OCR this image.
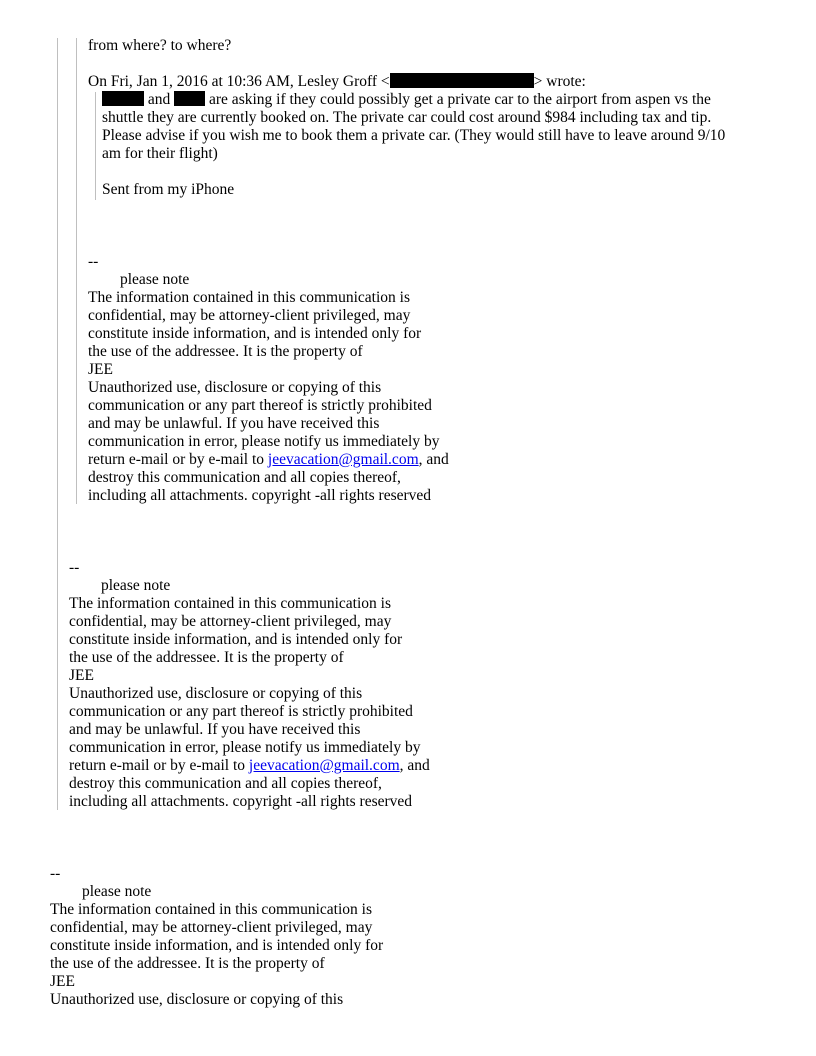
from where? to where?
On Fri, Jan 1, 2016 at 10:36 AM, Lesley Groff <	> wrote:
and	are asking if they could possibly get a private car to the airport from aspen vs the
shuttle they are currently booked on. The private car could cost around $984 including tax and tip.
Please advise if you wish me to book them a private car. (They would still have to leave around 9/10
am for their flight)
Sent from my iPhone
--
please note
The information contained in this communication is
confidential, may be attorney-client privileged, may
constitute inside information, and is intended only for
the use of the addressee. It is the property of
JEE
Unauthorized use, disclosure or copying of this
communication or any part thereof is strictly prohibited
and may be unlawful. If you have received this
communication in error, please notify us immediately by
return e-mail or by e-mail to jeevacation@gmail.com, and
destroy this communication and all copies thereof,
including all attachments. copyright -all rights reserved
--
please note
The information contained in this communication is
confidential, may be attorney-client privileged, may
constitute inside information, and is intended only for
the use of the addressee. It is the property of
JEE
Unauthorized use, disclosure or copying of this
communication or any part thereof is strictly prohibited
and may be unlawful. If you have received this
communication in error, please notify us immediately by
return e-mail or by e-mail to jeevacation@gmail.com, and
destroy this communication and all copies thereof,
including all attachments. copyright -all rights reserved
--
please note
The information contained in this communication is
confidential, may be attorney-client privileged, may
constitute inside information, and is intended only for
the use of the addressee. It is the property of
JEE
Unauthorized use, disclosure or copying of this
